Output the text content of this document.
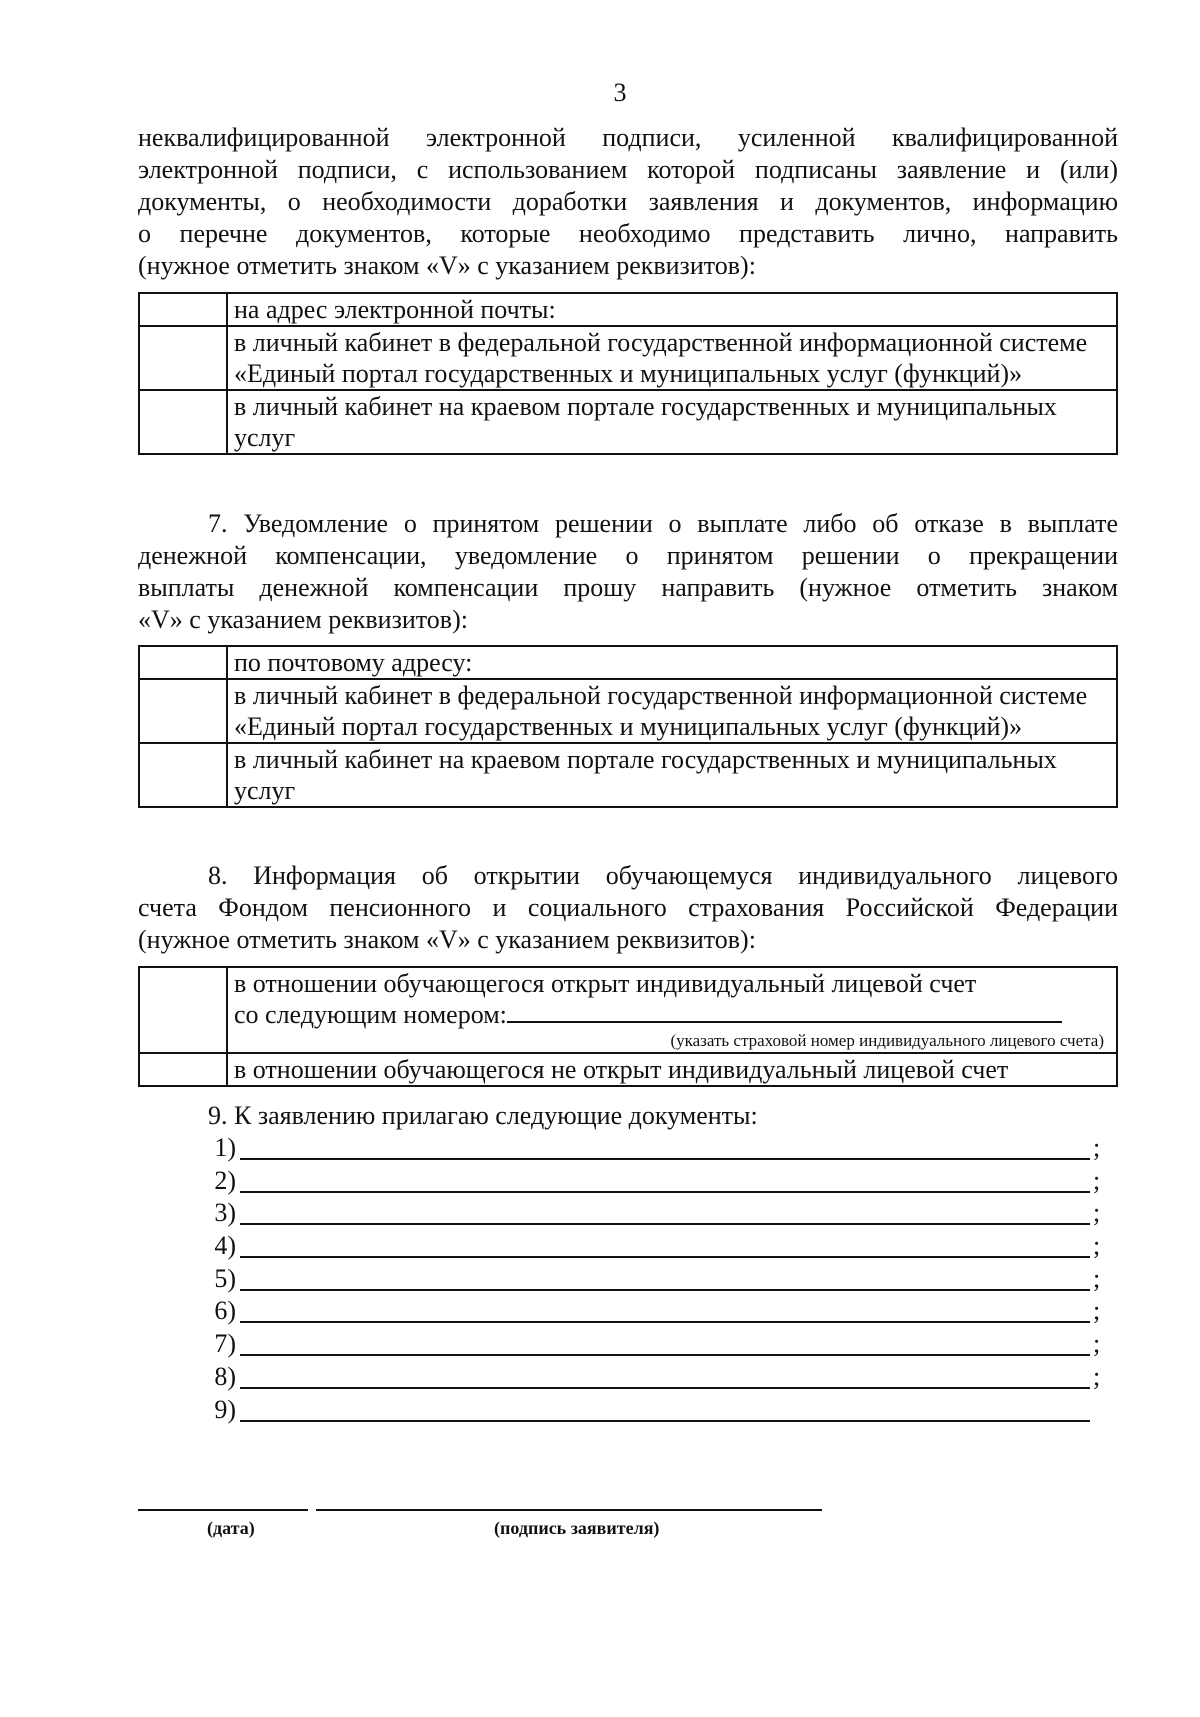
3
неквалифицированной электронной подписи, усиленной квалифицированной
электронной подписи, с использованием которой подписаны заявление и (или)
документы, о необходимости доработки заявления и документов, информацию
о перечне документов, которые необходимо представить лично, направить
(нужное отметить знаком «V» с указанием реквизитов):
	на адрес электронной почты:
	в личный кабинет в федеральной государственной информационной системе «Единый портал государственных и муниципальных услуг (функций)»
	в личный кабинет на краевом портале государственных и муниципальных услуг
7. Уведомление о принятом решении о выплате либо об отказе в выплате
денежной компенсации, уведомление о принятом решении о прекращении
выплаты денежной компенсации прошу направить (нужное отметить знаком
«V» с указанием реквизитов):
	по почтовому адресу:
	в личный кабинет в федеральной государственной информационной системе «Единый портал государственных и муниципальных услуг (функций)»
	в личный кабинет на краевом портале государственных и муниципальных услуг
8. Информация об открытии обучающемуся индивидуального лицевого
счета Фондом пенсионного и социального страхования Российской Федерации
(нужное отметить знаком «V» с указанием реквизитов):

	в отношении обучающегося открыт индивидуальный лицевой счет
со следующим номером:
(указать страховой номер индивидуального лицевого счета)

	в отношении обучающегося не открыт индивидуальный лицевой счет
9. К заявлению прилагаю следующие документы:
1)	;
2)	;
3)	;
4)	;
5)	;
6)	;
7)	;
8)	;
9)
(дата)	(подпись заявителя)
